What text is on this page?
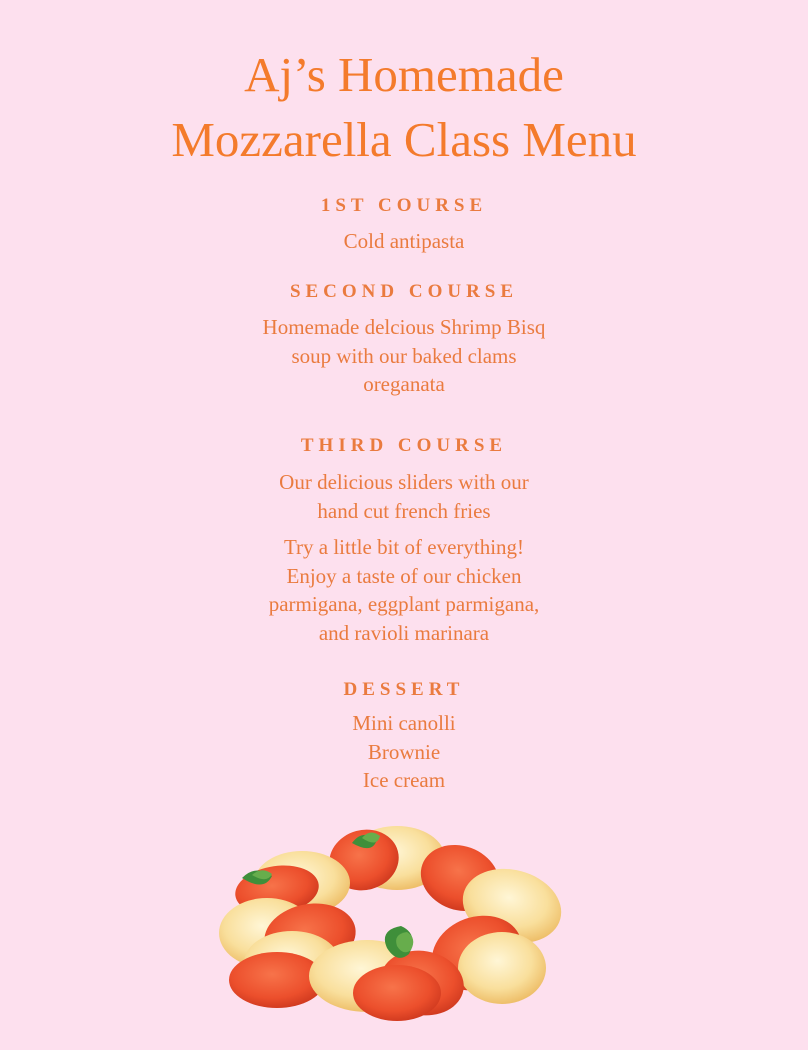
Aj’s Homemade
Mozzarella Class Menu
1ST COURSE
Cold antipasta
SECOND COURSE
Homemade delcious Shrimp Bisq
soup with our baked clams
oreganata
THIRD COURSE
Our delicious sliders with our
hand cut french fries
Try a little bit of everything!
Enjoy a taste of our chicken
parmigana, eggplant parmigana,
and ravioli marinara
DESSERT
Mini canolli
Brownie
Ice cream
